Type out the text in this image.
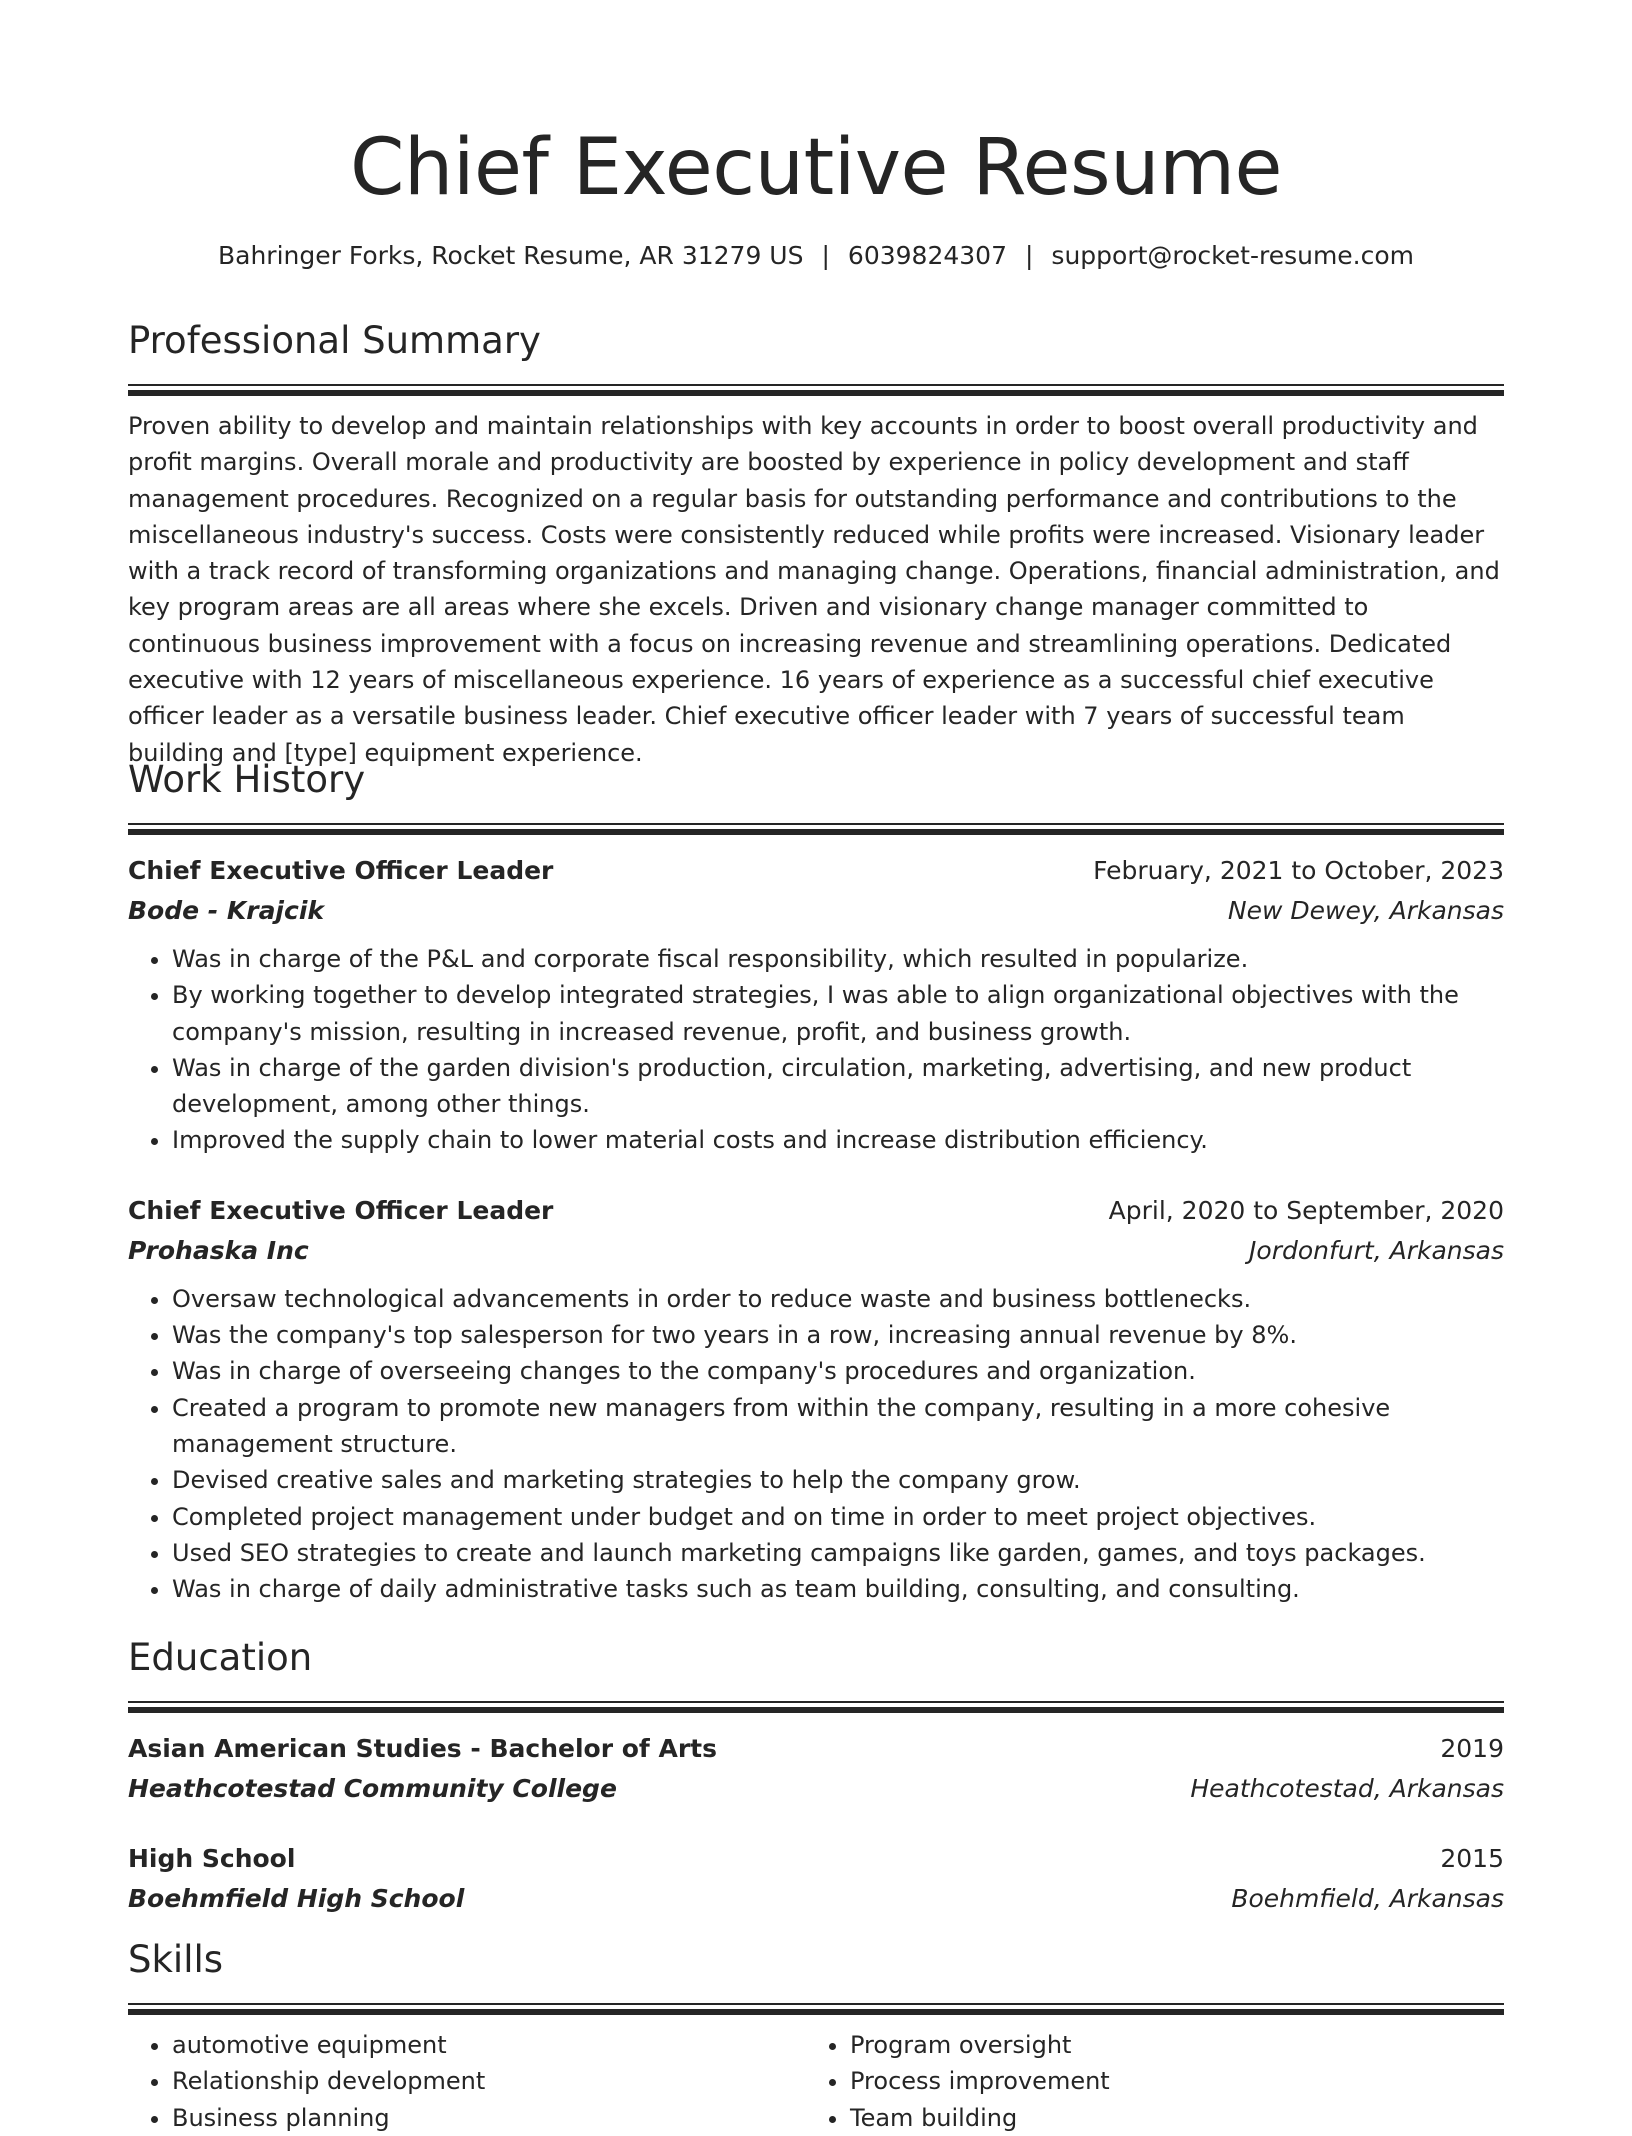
Chief Executive Resume
Bahringer Forks, Rocket Resume, AR 31279 US | 6039824307 | support@rocket-resume.com
Professional Summary
Proven ability to develop and maintain relationships with key accounts in order to boost overall productivity and profit margins. Overall morale and productivity are boosted by experience in policy development and staff management procedures. Recognized on a regular basis for outstanding performance and contributions to the miscellaneous industry's success. Costs were consistently reduced while profits were increased. Visionary leader with a track record of transforming organizations and managing change. Operations, financial administration, and key program areas are all areas where she excels. Driven and visionary change manager committed to continuous business improvement with a focus on increasing revenue and streamlining operations. Dedicated executive with 12 years of miscellaneous experience. 16 years of experience as a successful chief executive officer leader as a versatile business leader. Chief executive officer leader with 7 years of successful team building and [type] equipment experience.
Work History
Chief Executive Officer Leader	February, 2021 to October, 2023
Bode - Krajcik	New Dewey, Arkansas
• Was in charge of the P&L and corporate fiscal responsibility, which resulted in popularize.
• By working together to develop integrated strategies, I was able to align organizational objectives with the company's mission, resulting in increased revenue, profit, and business growth.
• Was in charge of the garden division's production, circulation, marketing, advertising, and new product development, among other things.
• Improved the supply chain to lower material costs and increase distribution efficiency.
Chief Executive Officer Leader	April, 2020 to September, 2020
Prohaska Inc	Jordonfurt, Arkansas
• Oversaw technological advancements in order to reduce waste and business bottlenecks.
• Was the company's top salesperson for two years in a row, increasing annual revenue by 8%.
• Was in charge of overseeing changes to the company's procedures and organization.
• Created a program to promote new managers from within the company, resulting in a more cohesive management structure.
• Devised creative sales and marketing strategies to help the company grow.
• Completed project management under budget and on time in order to meet project objectives.
• Used SEO strategies to create and launch marketing campaigns like garden, games, and toys packages.
• Was in charge of daily administrative tasks such as team building, consulting, and consulting.
Education
Asian American Studies - Bachelor of Arts	2019
Heathcotestad Community College	Heathcotestad, Arkansas
High School	2015
Boehmfield High School	Boehmfield, Arkansas
Skills
• automotive equipment
• Relationship development
• Business planning
• Program oversight
• Process improvement
• Team building
